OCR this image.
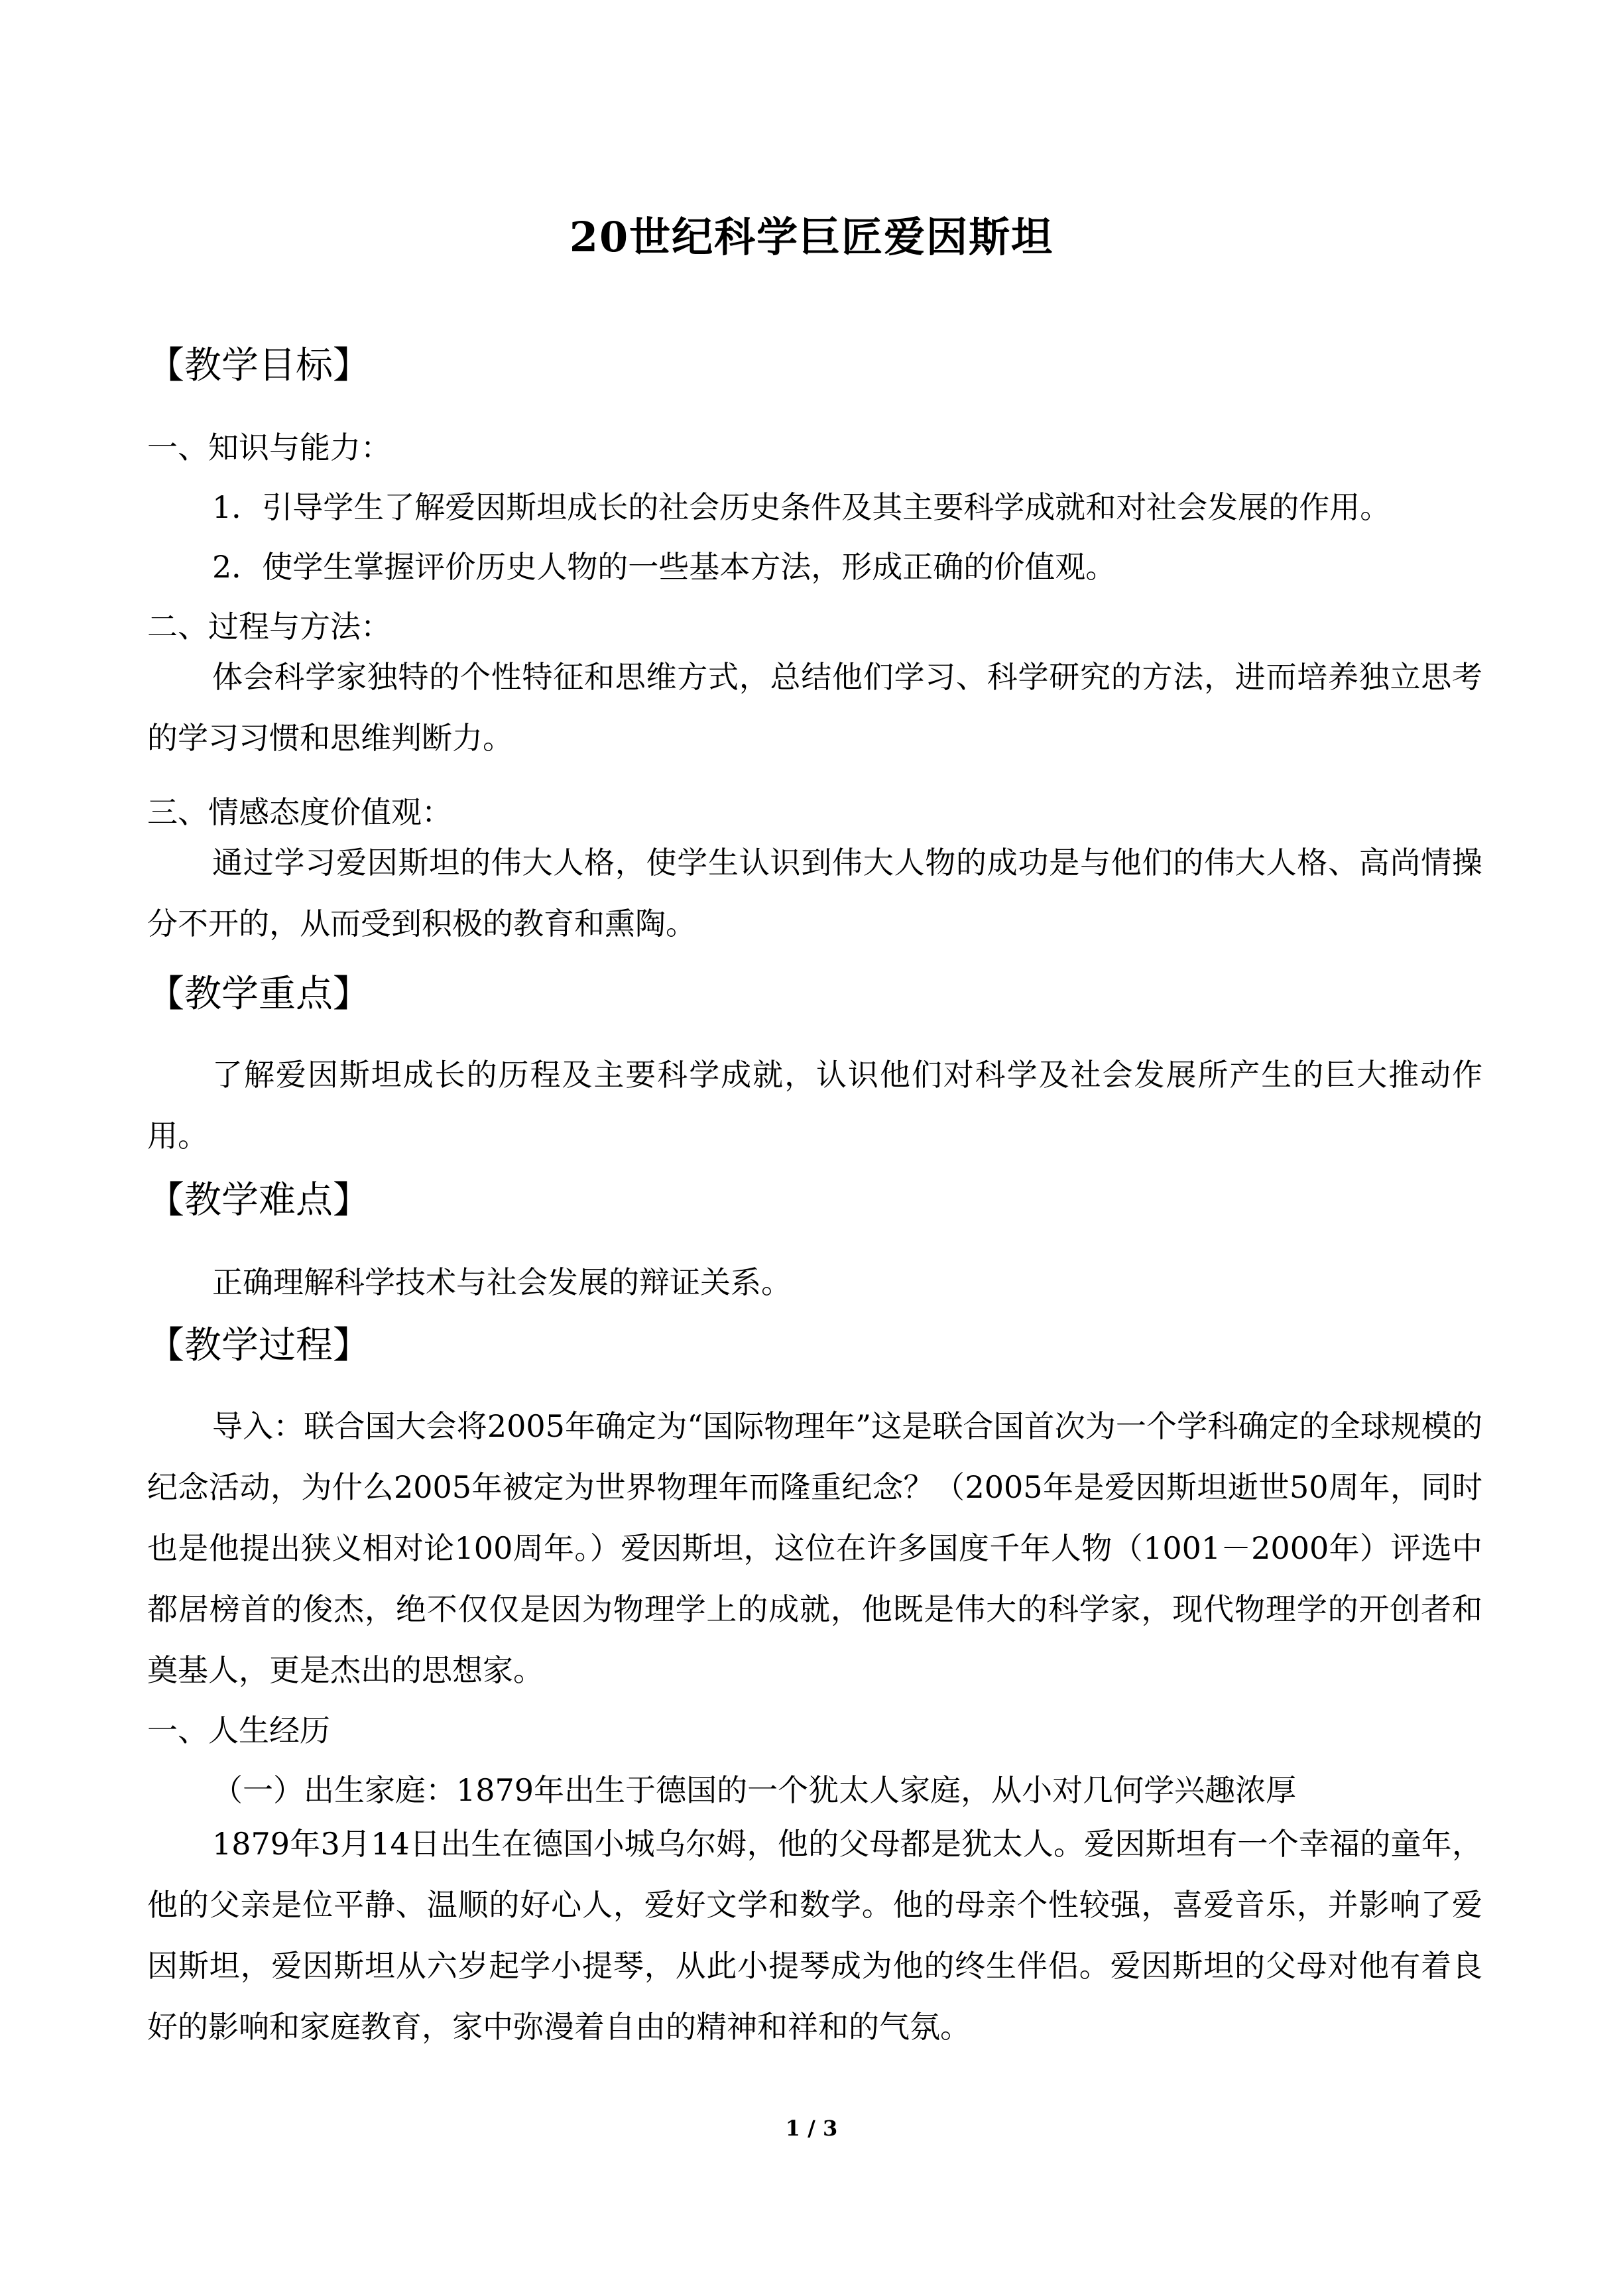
20世纪科学巨匠爱因斯坦
【教学目标】
一、知识与能力：
1．引导学生了解爱因斯坦成长的社会历史条件及其主要科学成就和对社会发展的作用。
2．使学生掌握评价历史人物的一些基本方法，形成正确的价值观。
二、过程与方法：

体会科学家独特的个性特征和思维方式，总结他们学习、科学研究的方法，进而培养独立思考的学习习惯和思维判断力。

三、情感态度价值观：

通过学习爱因斯坦的伟大人格，使学生认识到伟大人物的成功是与他们的伟大人格、高尚情操分不开的，从而受到积极的教育和熏陶。

【教学重点】

了解爱因斯坦成长的历程及主要科学成就，认识他们对科学及社会发展所产生的巨大推动作用。

【教学难点】

正确理解科学技术与社会发展的辩证关系。

【教学过程】

导入：联合国大会将2005年确定为“国际物理年”这是联合国首次为一个学科确定的全球规模的纪念活动，为什么2005年被定为世界物理年而隆重纪念？（2005年是爱因斯坦逝世50周年，同时也是他提出狭义相对论100周年。）爱因斯坦，这位在许多国度千年人物（1001－2000年）评选中都居榜首的俊杰，绝不仅仅是因为物理学上的成就，他既是伟大的科学家，现代物理学的开创者和奠基人，更是杰出的思想家。

一、人生经历
（一）出生家庭：1879年出生于德国的一个犹太人家庭，从小对几何学兴趣浓厚

1879年3月14日出生在德国小城乌尔姆，他的父母都是犹太人。爱因斯坦有一个幸福的童年，他的父亲是位平静、温顺的好心人，爱好文学和数学。他的母亲个性较强，喜爱音乐，并影响了爱因斯坦，爱因斯坦从六岁起学小提琴，从此小提琴成为他的终生伴侣。爱因斯坦的父母对他有着良好的影响和家庭教育，家中弥漫着自由的精神和祥和的气氛。

1 / 3
